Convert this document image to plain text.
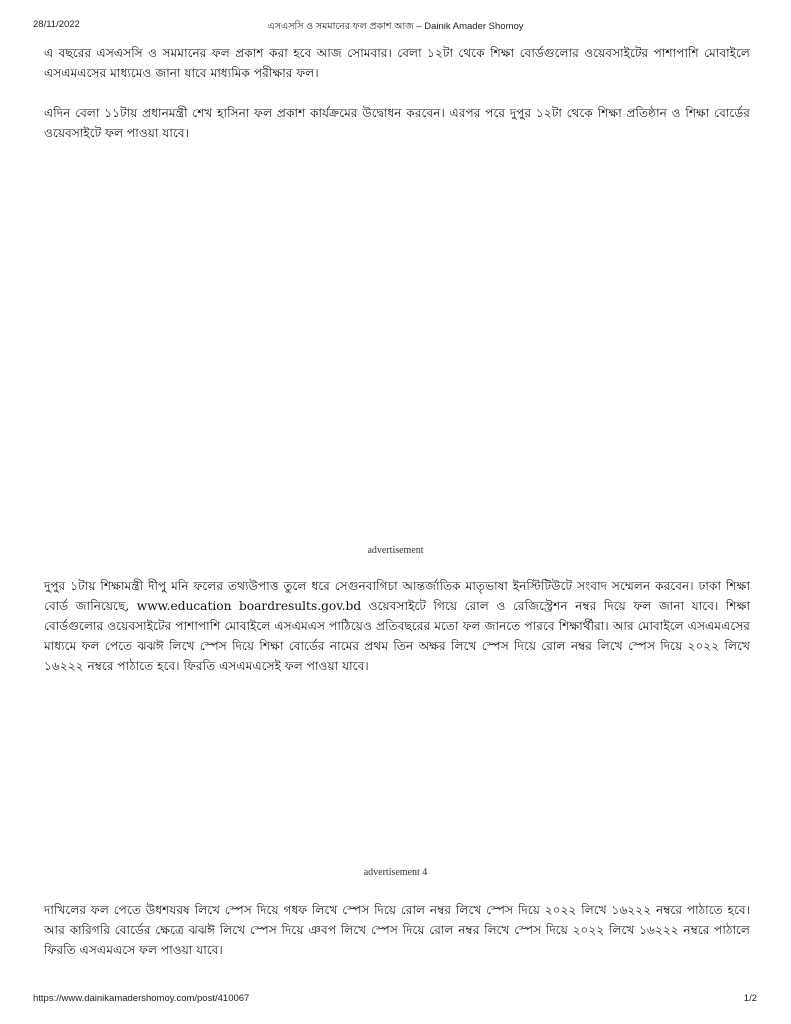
28/11/2022	এসএসসি ও সমমানের ফল প্রকাশ আজ – Dainik Amader Shomoy

এ বছরের এসএসসি ও সমমানের ফল প্রকাশ করা হবে আজ সোমবার। বেলা ১২টা থেকে শিক্ষা বোর্ডগুলোর ওয়েবসাইটের পাশাপাশি মোবাইলে এসএমএসের মাধ্যমেও জানা যাবে মাধ্যমিক পরীক্ষার ফল।

এদিন বেলা ১১টায় প্রধানমন্ত্রী শেখ হাসিনা ফল প্রকাশ কার্যক্রমের উদ্বোধন করবেন। এরপর পরে দুপুর ১২টা থেকে শিক্ষা প্রতিষ্ঠান ও শিক্ষা বোর্ডের ওয়েবসাইটে ফল পাওয়া যাবে।

advertisement

দুপুর ১টায় শিক্ষামন্ত্রী দীপু মনি ফলের তথ্যউপাত্ত তুলে ধরে সেগুনবাগিচা আন্তর্জাতিক মাতৃভাষা ইনস্টিটিউটে সংবাদ সম্মেলন করবেন। ঢাকা শিক্ষা বোর্ড জানিয়েছে, www.education boardresults.gov.bd ওয়েবসাইটে গিয়ে রোল ও রেজিস্ট্রেশন নম্বর দিয়ে ফল জানা যাবে। শিক্ষা বোর্ডগুলোর ওয়েবসাইটের পাশাপাশি মোবাইলে এসএমএস পাঠিয়েও প্রতিবছরের মতো ফল জানতে পারবে শিক্ষার্থীরা। আর মোবাইলে এসএমএসের মাধ্যমে ফল পেতে ঝঝঈ লিখে স্পেস দিয়ে শিক্ষা বোর্ডের নামের প্রথম তিন অক্ষর লিখে স্পেস দিয়ে রোল নম্বর লিখে স্পেস দিয়ে ২০২২ লিখে ১৬২২২ নম্বরে পাঠাতে হবে। ফিরতি এসএমএসেই ফল পাওয়া যাবে।

advertisement 4

দাখিলের ফল পেতে উধশযরষ লিখে স্পেস দিয়ে গধফ লিখে স্পেস দিয়ে রোল নম্বর লিখে স্পেস দিয়ে ২০২২ লিখে ১৬২২২ নম্বরে পাঠাতে হবে। আর কারিগরি বোর্ডের ক্ষেত্রে ঝঝঈ লিখে স্পেস দিয়ে ঞবপ লিখে স্পেস দিয়ে রোল নম্বর লিখে স্পেস দিয়ে ২০২২ লিখে ১৬২২২ নম্বরে পাঠালে ফিরতি এসএমএসে ফল পাওয়া যাবে।

https://www.dainikamadershomoy.com/post/410067	1/2
